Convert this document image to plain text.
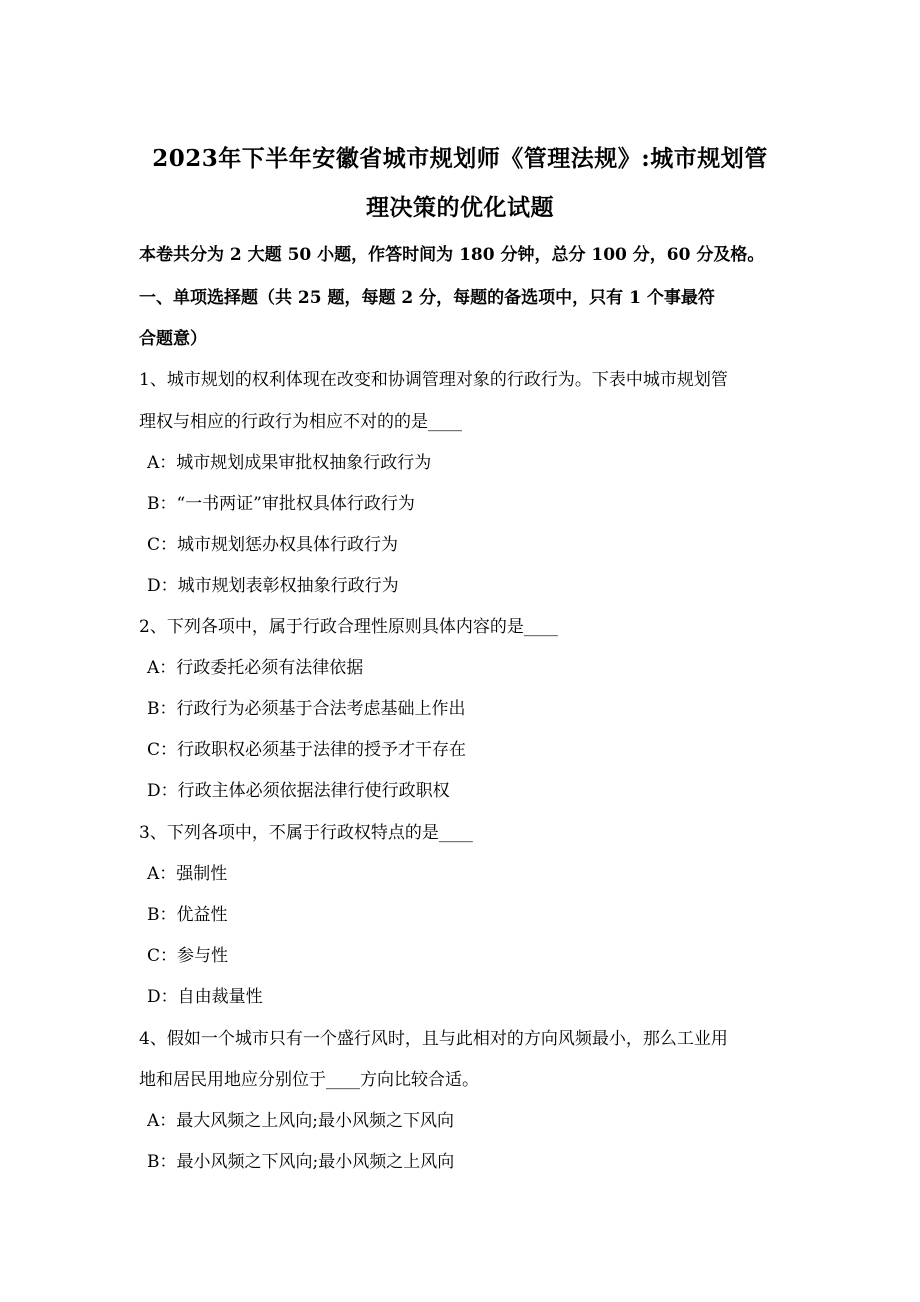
2023年下半年安徽省城市规划师《管理法规》:城市规划管
理决策的优化试题
本卷共分为 2 大题 50 小题，作答时间为 180 分钟，总分 100 分，60 分及格。
一、单项选择题（共 25 题，每题 2 分，每题的备选项中，只有 1 个事最符
合题意）
1、城市规划的权利体现在改变和协调管理对象的行政行为。下表中城市规划管
理权与相应的行政行为相应不对的的是____
A：城市规划成果审批权抽象行政行为
B：“一书两证”审批权具体行政行为
C：城市规划惩办权具体行政行为
D：城市规划表彰权抽象行政行为
2、下列各项中，属于行政合理性原则具体内容的是____
A：行政委托必须有法律依据
B：行政行为必须基于合法考虑基础上作出
C：行政职权必须基于法律的授予才干存在
D：行政主体必须依据法律行使行政职权
3、下列各项中，不属于行政权特点的是____
A：强制性
B：优益性
C：参与性
D：自由裁量性
4、假如一个城市只有一个盛行风时，且与此相对的方向风频最小，那么工业用
地和居民用地应分别位于____方向比较合适。
A：最大风频之上风向;最小风频之下风向
B：最小风频之下风向;最小风频之上风向
